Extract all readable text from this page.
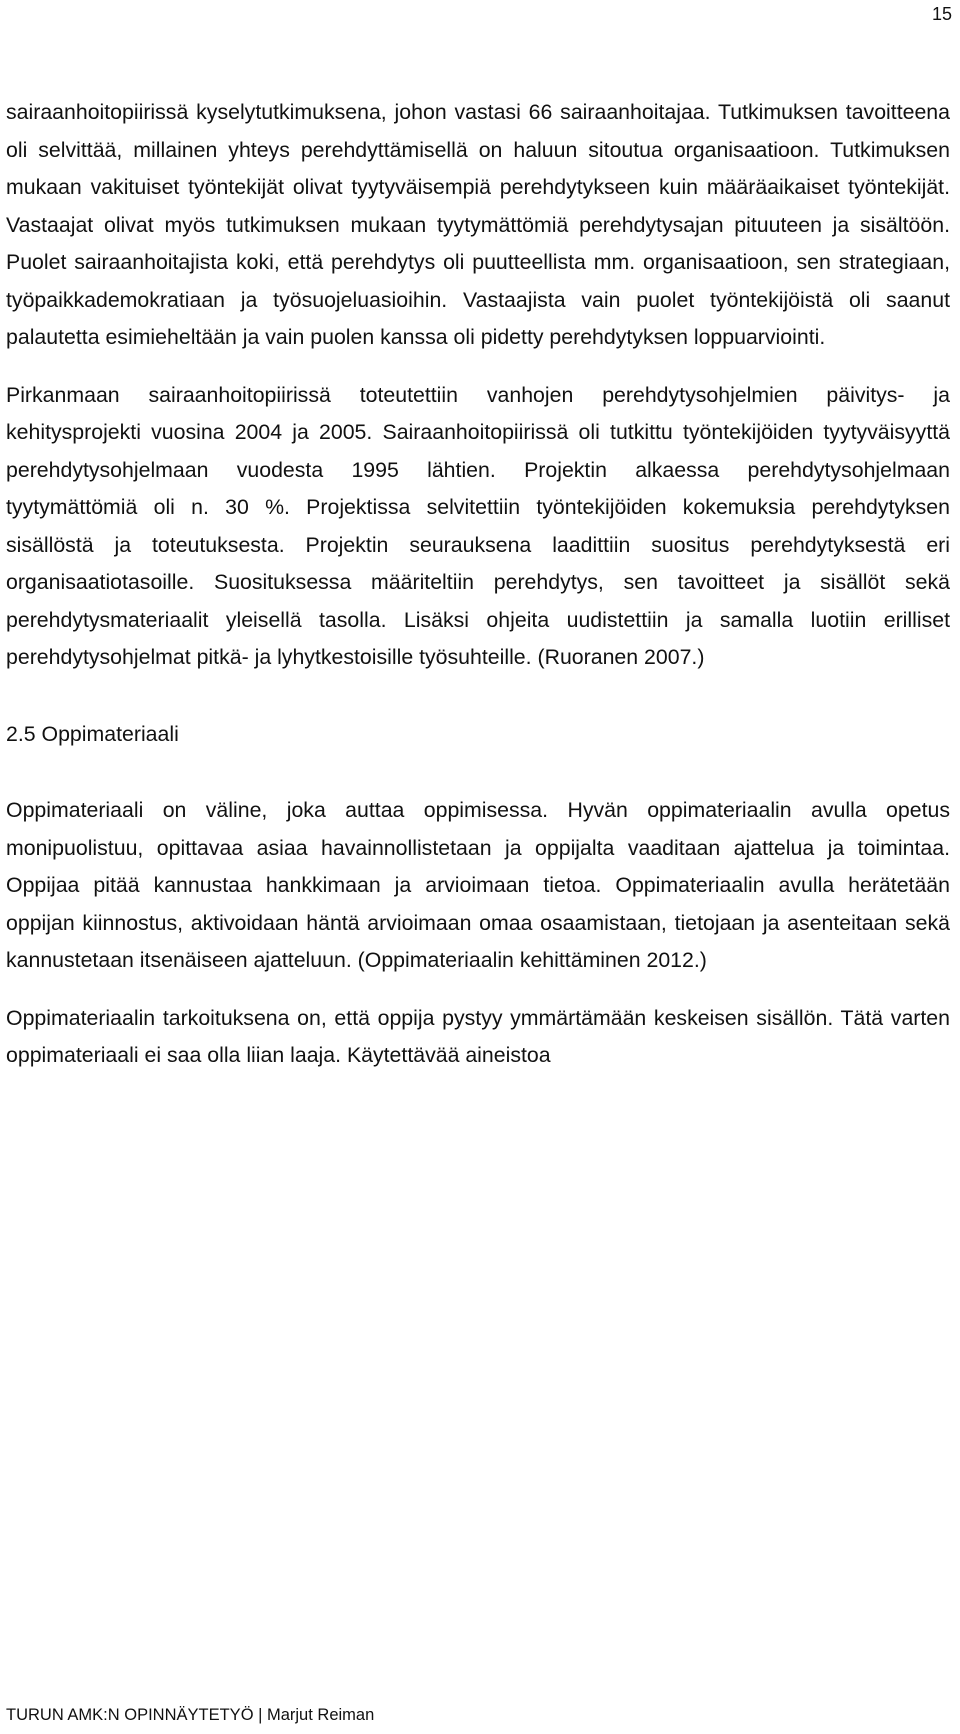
15

sairaanhoitopiirissä kyselytutkimuksena, johon vastasi 66 sairaanhoitajaa. Tutkimuksen tavoitteena oli selvittää, millainen yhteys perehdyttämisellä on haluun sitoutua organisaatioon. Tutkimuksen mukaan vakituiset työntekijät olivat tyytyväisempiä perehdytykseen kuin määräaikaiset työntekijät. Vastaajat olivat myös tutkimuksen mukaan tyytymättömiä perehdytysajan pituuteen ja sisältöön. Puolet sairaanhoitajista koki, että perehdytys oli puutteellista mm. organisaatioon, sen strategiaan, työpaikkademokratiaan ja työsuojeluasioihin. Vastaajista vain puolet työntekijöistä oli saanut palautetta esimieheltään ja vain puolen kanssa oli pidetty perehdytyksen loppuarviointi.

Pirkanmaan sairaanhoitopiirissä toteutettiin vanhojen perehdytysohjelmien päivitys- ja kehitysprojekti vuosina 2004 ja 2005. Sairaanhoitopiirissä oli tutkittu työntekijöiden tyytyväisyyttä perehdytysohjelmaan vuodesta 1995 lähtien. Projektin alkaessa perehdytysohjelmaan tyytymättömiä oli n. 30 %. Projektissa selvitettiin työntekijöiden kokemuksia perehdytyksen sisällöstä ja toteutuksesta. Projektin seurauksena laadittiin suositus perehdytyksestä eri organisaatiotasoille. Suosituksessa määriteltiin perehdytys, sen tavoitteet ja sisällöt sekä perehdytysmateriaalit yleisellä tasolla. Lisäksi ohjeita uudistettiin ja samalla luotiin erilliset perehdytysohjelmat pitkä- ja lyhytkestoisille työsuhteille. (Ruoranen 2007.)

2.5 Oppimateriaali

Oppimateriaali on väline, joka auttaa oppimisessa. Hyvän oppimateriaalin avulla opetus monipuolistuu, opittavaa asiaa havainnollistetaan ja oppijalta vaaditaan ajattelua ja toimintaa. Oppijaa pitää kannustaa hankkimaan ja arvioimaan tietoa. Oppimateriaalin avulla herätetään oppijan kiinnostus, aktivoidaan häntä arvioimaan omaa osaamistaan, tietojaan ja asenteitaan sekä kannustetaan itsenäiseen ajatteluun. (Oppimateriaalin kehittäminen 2012.)

Oppimateriaalin tarkoituksena on, että oppija pystyy ymmärtämään keskeisen sisällön. Tätä varten oppimateriaali ei saa olla liian laaja. Käytettävää aineistoa

TURUN AMK:N OPINNÄYTETYÖ | Marjut Reiman
